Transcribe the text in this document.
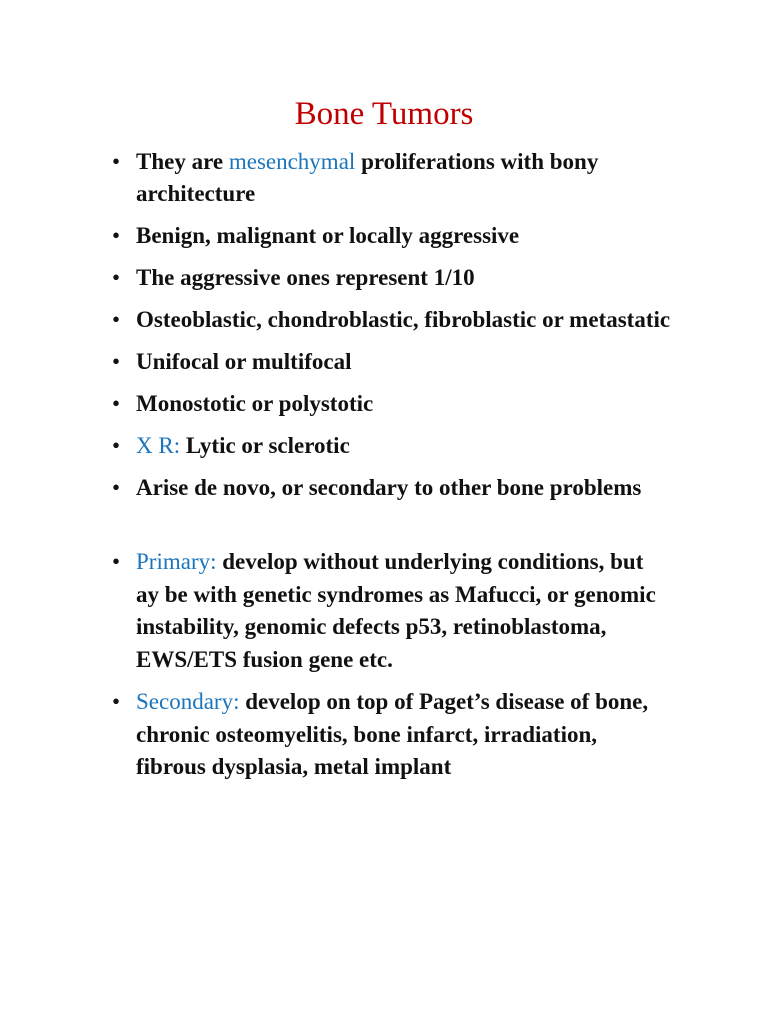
Bone Tumors
• They are mesenchymal proliferations with bony architecture
• Benign, malignant or locally aggressive
• The aggressive ones represent 1/10
• Osteoblastic, chondroblastic, fibroblastic or metastatic
• Unifocal or multifocal
• Monostotic or polystotic
• X R: Lytic or sclerotic
• Arise de novo, or secondary to other bone problems
• Primary: develop without underlying conditions, but ay be with genetic syndromes as Mafucci, or genomic instability, genomic defects p53, retinoblastoma, EWS/ETS fusion gene etc.
• Secondary: develop on top of Paget’s disease of bone, chronic osteomyelitis, bone infarct, irradiation, fibrous dysplasia, metal implant
